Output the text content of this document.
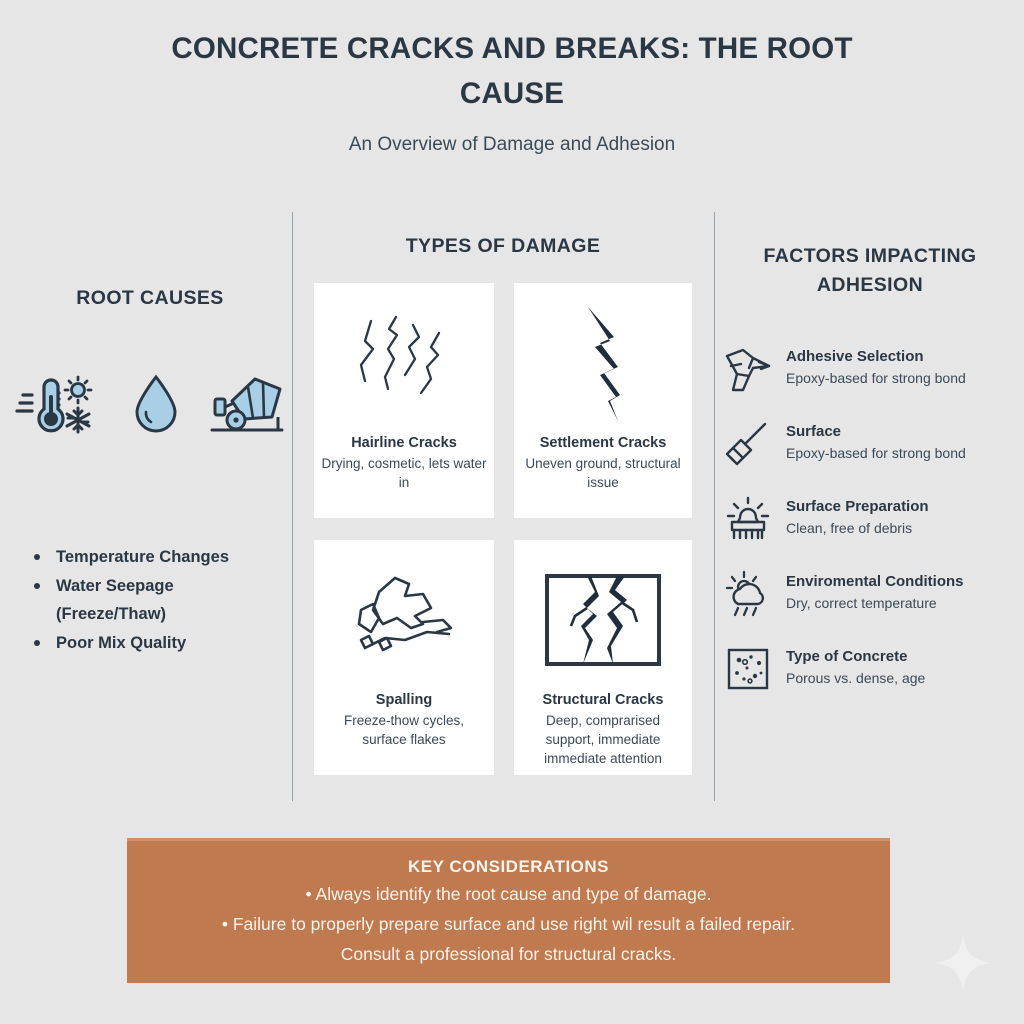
CONCRETE CRACKS AND BREAKS: THE ROOT CAUSE
An Overview of Damage and Adhesion
ROOT CAUSES
Temperature Changes
Water Seepage (Freeze/Thaw)
Poor Mix Quality
TYPES OF DAMAGE
Hairline Cracks
Drying, cosmetic, lets water in
Settlement Cracks
Uneven ground, structural issue
Spalling
Freeze-thow cycles, surface flakes
Structural Cracks
Deep, comprarised support, immediate immediate attention
FACTORS IMPACTING ADHESION
Adhesive Selection
Epoxy-based for strong bond
Surface
Epoxy-based for strong bond
Surface Preparation
Clean, free of debris
Enviromental Conditions
Dry, correct temperature
Type of Concrete
Porous vs. dense, age
KEY CONSIDERATIONS
• Always identify the root cause and type of damage.
• Failure to properly prepare surface and use right wil result a failed repair.
Consult a professional for structural cracks.
